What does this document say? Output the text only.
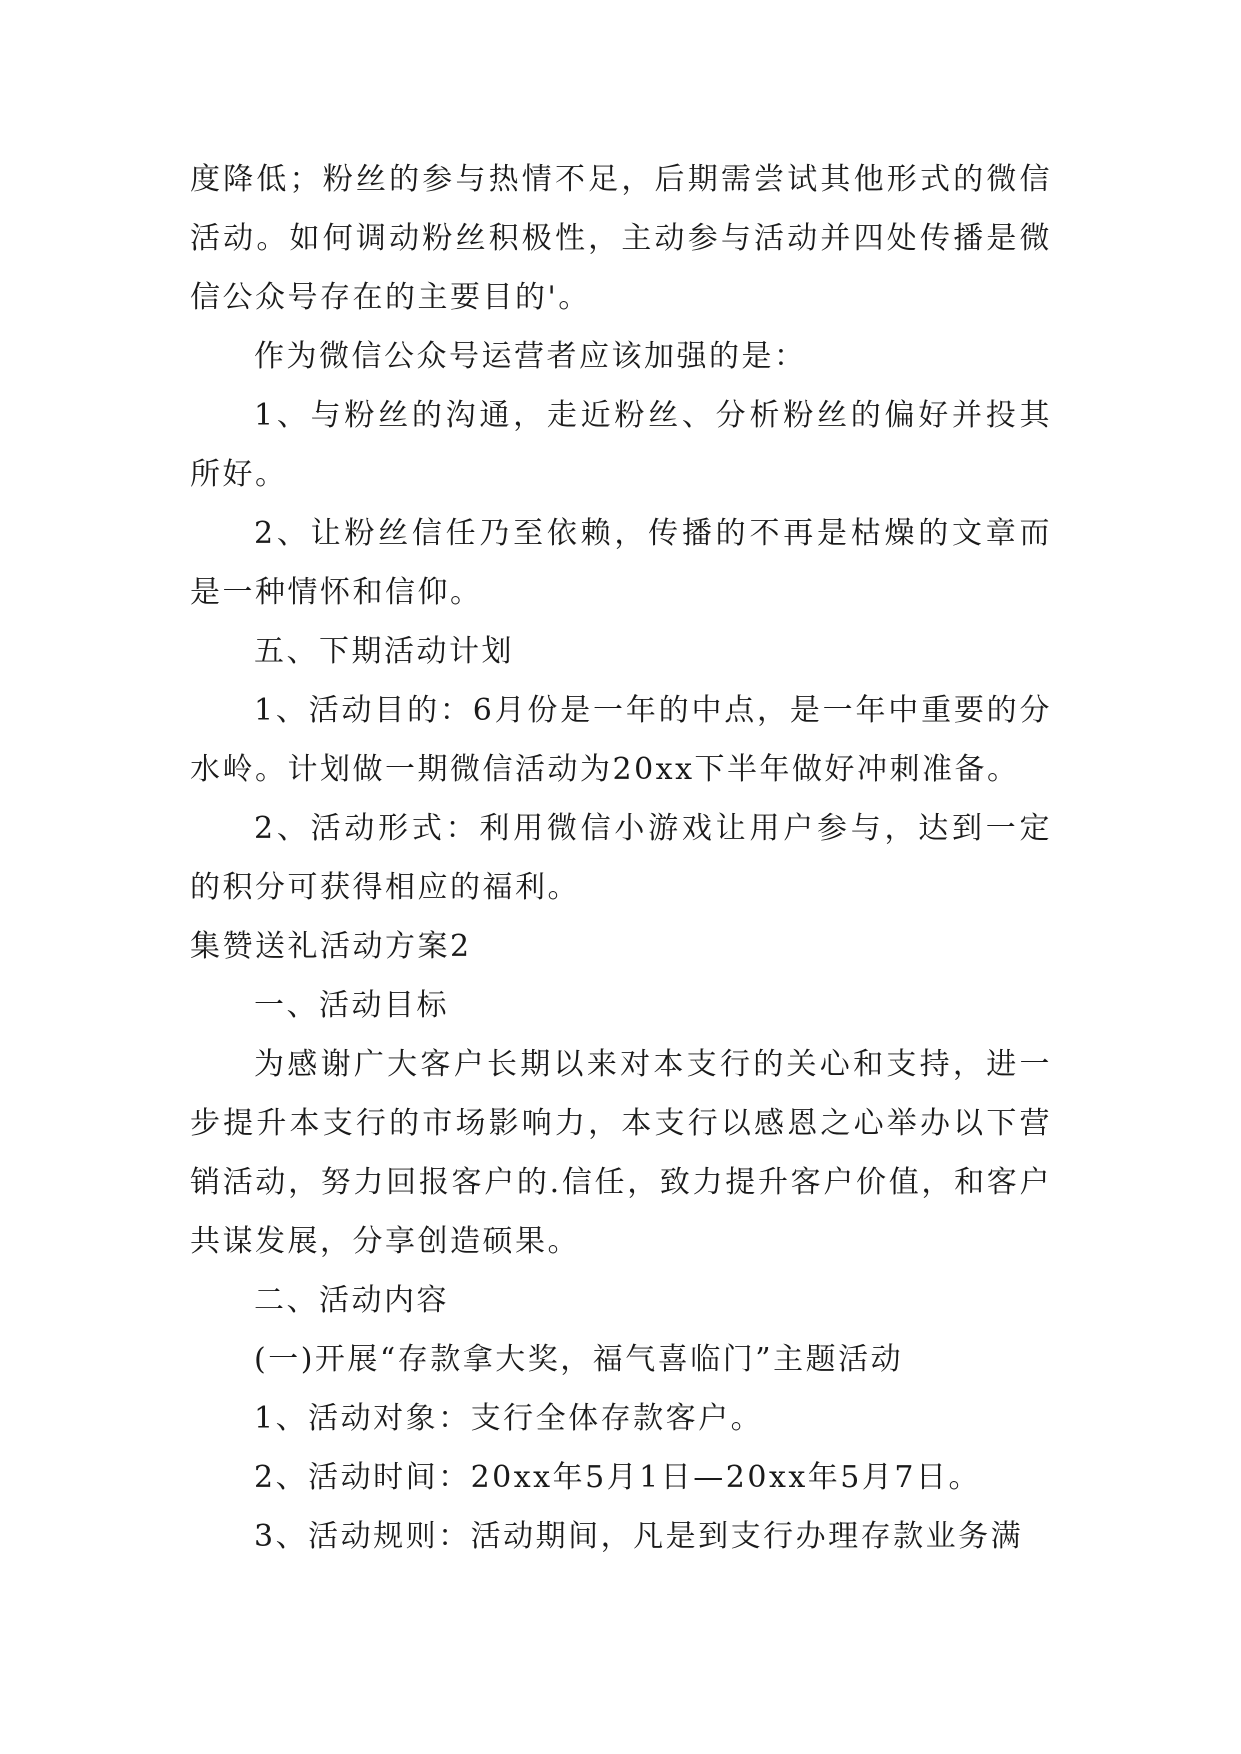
度降低；粉丝的参与热情不足，后期需尝试其他形式的微信活动。如何调动粉丝积极性，主动参与活动并四处传播是微信公众号存在的主要目的'。

作为微信公众号运营者应该加强的是：

1、与粉丝的沟通，走近粉丝、分析粉丝的偏好并投其所好。

2、让粉丝信任乃至依赖，传播的不再是枯燥的文章而是一种情怀和信仰。

五、下期活动计划

1、活动目的：6月份是一年的中点，是一年中重要的分水岭。计划做一期微信活动为20xx下半年做好冲刺准备。

2、活动形式：利用微信小游戏让用户参与，达到一定的积分可获得相应的福利。

集赞送礼活动方案2

一、活动目标

为感谢广大客户长期以来对本支行的关心和支持，进一步提升本支行的市场影响力，本支行以感恩之心举办以下营销活动，努力回报客户的.信任，致力提升客户价值，和客户共谋发展，分享创造硕果。

二、活动内容

(一)开展“存款拿大奖，福气喜临门”主题活动

1、活动对象：支行全体存款客户。

2、活动时间：20xx年5月1日—20xx年5月7日。

3、活动规则：活动期间，凡是到支行办理存款业务满
